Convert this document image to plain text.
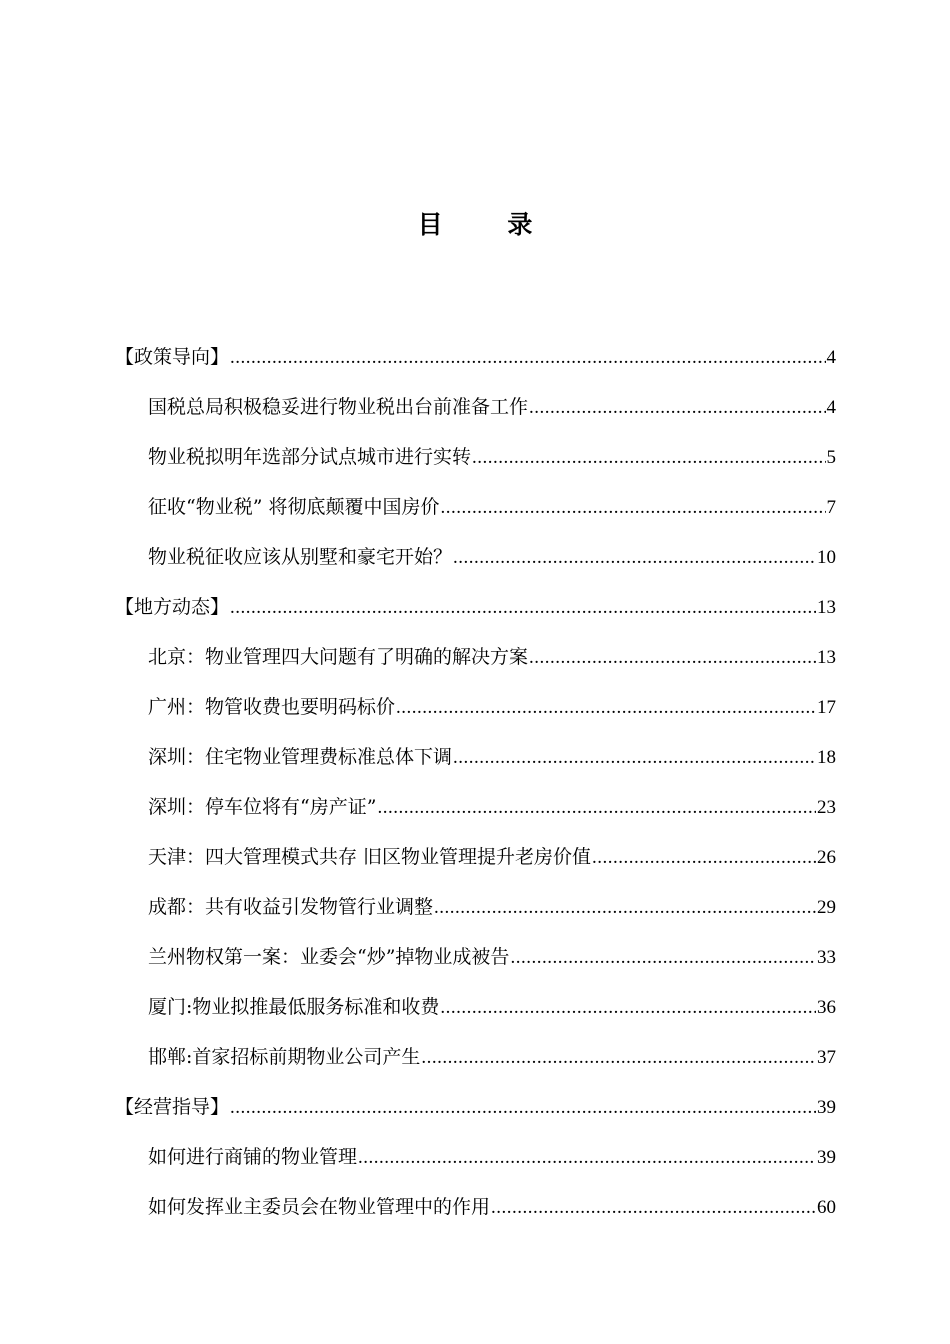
目 录
【政策导向】 .....	4
国税总局积极稳妥进行物业税出台前准备工作 .....	4
物业税拟明年选部分试点城市进行实转 .....	5
征收“物业税” 将彻底颠覆中国房价 .....	7
物业税征收应该从别墅和豪宅开始？ .....	10
【地方动态】 .....	13
北京：物业管理四大问题有了明确的解决方案 .....	13
广州：物管收费也要明码标价 .....	17
深圳：住宅物业管理费标准总体下调 .....	18
深圳：停车位将有“房产证” .....	23
天津：四大管理模式共存 旧区物业管理提升老房价值 .....	26
成都：共有收益引发物管行业调整 .....	29
兰州物权第一案：业委会“炒”掉物业成被告 .....	33
厦门:物业拟推最低服务标准和收费 .....	36
邯郸:首家招标前期物业公司产生 .....	37
【经营指导】 .....	39
如何进行商铺的物业管理 .....	39
如何发挥业主委员会在物业管理中的作用 .....	60
